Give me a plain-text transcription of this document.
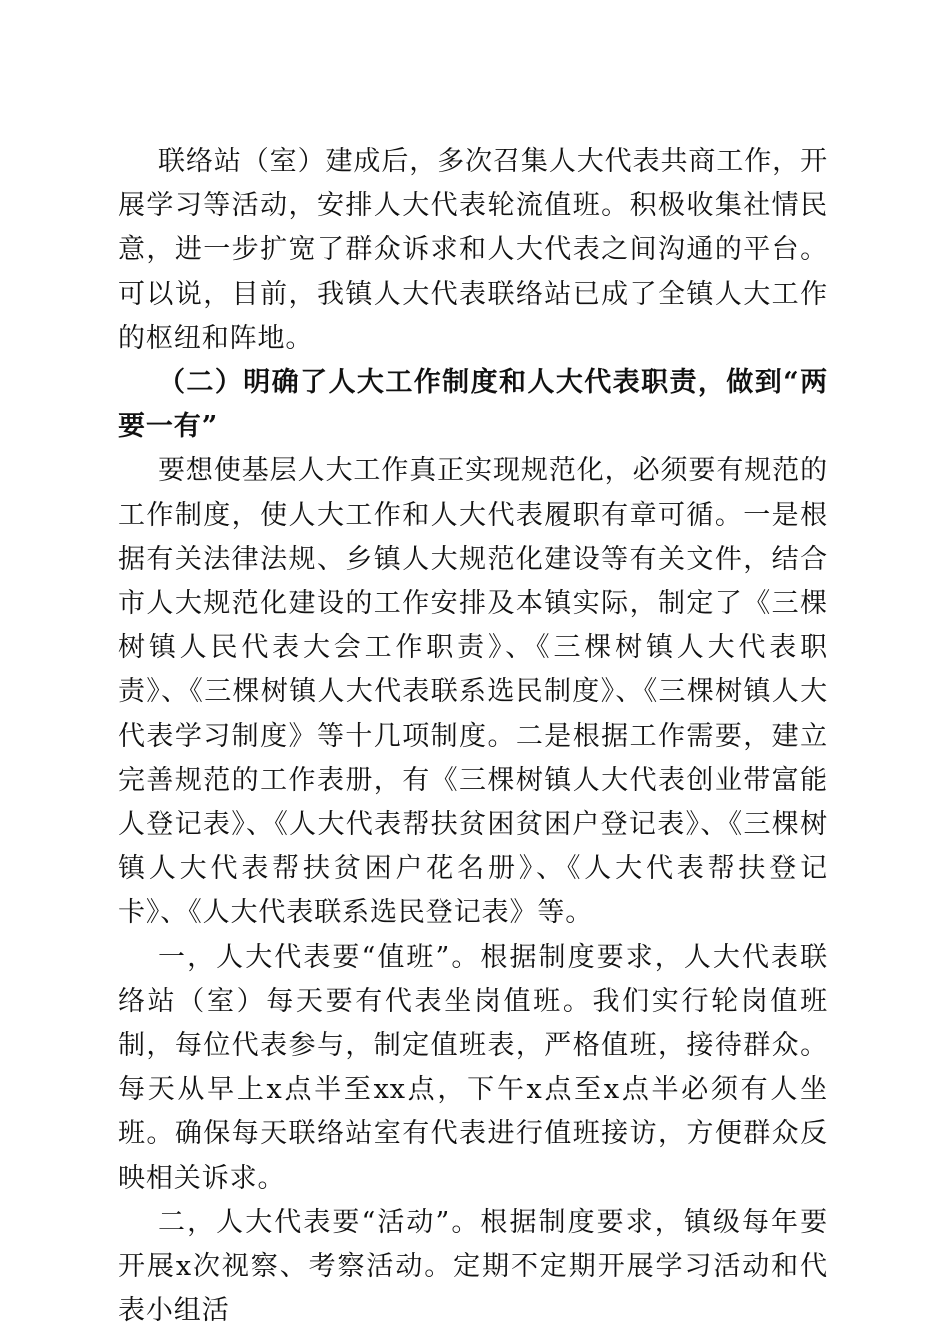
联络站（室）建成后，多次召集人大代表共商工作，开展学习等活动，安排人大代表轮流值班。积极收集社情民意，进一步扩宽了群众诉求和人大代表之间沟通的平台。可以说，目前，我镇人大代表联络站已成了全镇人大工作的枢纽和阵地。

（二）明确了人大工作制度和人大代表职责，做到“两要一有”

要想使基层人大工作真正实现规范化，必须要有规范的工作制度，使人大工作和人大代表履职有章可循。一是根据有关法律法规、乡镇人大规范化建设等有关文件，结合市人大规范化建设的工作安排及本镇实际，制定了《三棵树镇人民代表大会工作职责》、《三棵树镇人大代表职责》、《三棵树镇人大代表联系选民制度》、《三棵树镇人大代表学习制度》等十几项制度。二是根据工作需要，建立完善规范的工作表册，有《三棵树镇人大代表创业带富能人登记表》、《人大代表帮扶贫困贫困户登记表》、《三棵树镇人大代表帮扶贫困户花名册》、《人大代表帮扶登记卡》、《人大代表联系选民登记表》等。

一，人大代表要“值班”。根据制度要求，人大代表联络站（室）每天要有代表坐岗值班。我们实行轮岗值班制，每位代表参与，制定值班表，严格值班，接待群众。每天从早上x点半至xx点，下午x点至x点半必须有人坐班。确保每天联络站室有代表进行值班接访，方便群众反映相关诉求。

二，人大代表要“活动”。根据制度要求，镇级每年要开展x次视察、考察活动。定期不定期开展学习活动和代表小组活
